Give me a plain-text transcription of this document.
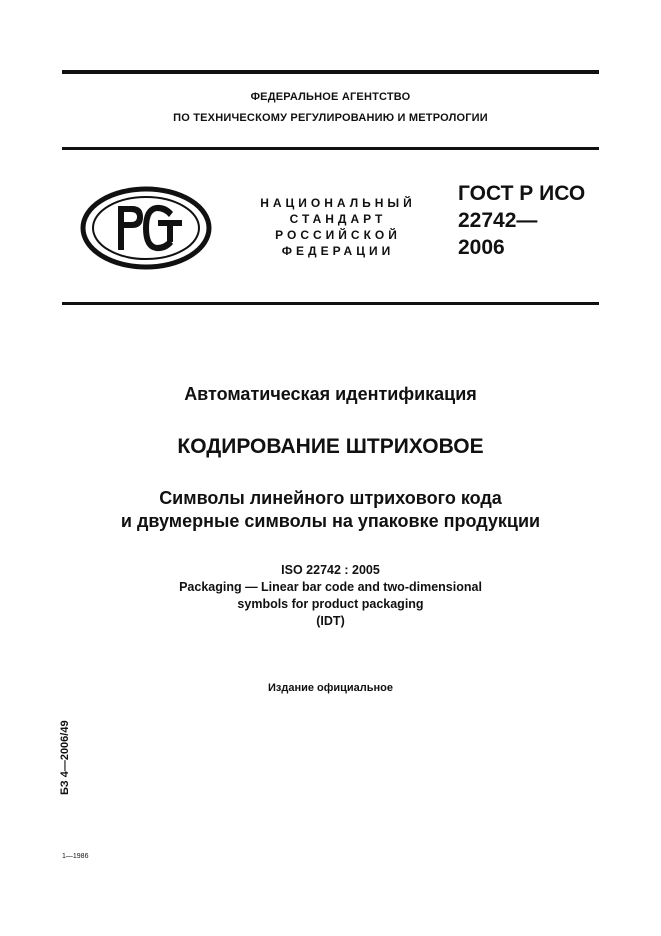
ФЕДЕРАЛЬНОЕ АГЕНТСТВО
ПО ТЕХНИЧЕСКОМУ РЕГУЛИРОВАНИЮ И МЕТРОЛОГИИ
НАЦИОНАЛЬНЫЙ
СТАНДАРТ
РОССИЙСКОЙ
ФЕДЕРАЦИИ
ГОСТ Р ИСО
22742—
2006
Автоматическая идентификация
КОДИРОВАНИЕ ШТРИХОВОЕ
Символы линейного штрихового кода
и двумерные символы на упаковке продукции
ISO 22742 : 2005
Packaging — Linear bar code and two-dimensional
symbols for product packaging
(IDT)
Издание официальное
БЗ 4—2006/49
1—1986
